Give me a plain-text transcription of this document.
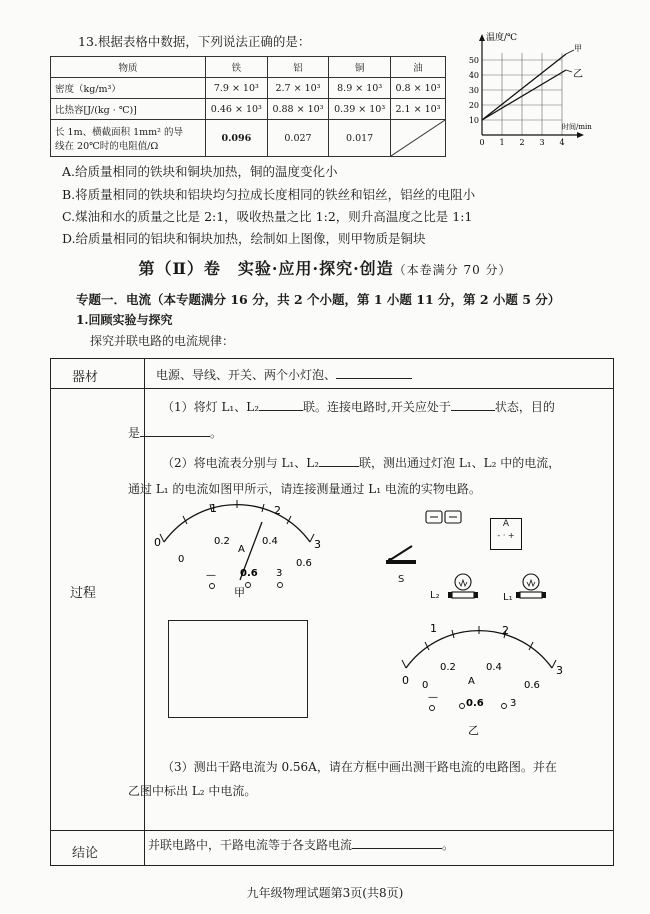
13.根据表格中数据，下列说法正确的是：
物质	铁	铝	铜	油
密度（kg/m³）	7.9 × 10³	2.7 × 10³	8.9 × 10³	0.8 × 10³
比热容[J/(kg · ℃)]	0.46 × 10³	0.88 × 10³	0.39 × 10³	2.1 × 10³

长 1m、横截面积 1mm² 的导
线在 20℃时的电阻值/Ω	0.096	0.027	0.017	
甲
乙
温度/℃
时间/min
10
20
30
40
50
0 1 2 3 4
A.给质量相同的铁块和铜块加热，铜的温度变化小
B.将质量相同的铁块和铝块均匀拉成长度相同的铁丝和铝丝，铝丝的电阻小
C.煤油和水的质量之比是 2:1，吸收热量之比 1:2，则升高温度之比是 1:1
D.给质量相同的铝块和铜块加热，绘制如上图像，则甲物质是铜块
第（Ⅱ）卷　实验·应用·探究·创造（本卷满分 70 分）
专题一．电流（本专题满分 16 分，共 2 个小题，第 1 小题 11 分，第 2 小题 5 分）
1.回顾实验与探究
探究并联电路的电流规律：
器材	电源、导线、开关、两个小灯泡、
过程
（1）将灯 L₁、L₂	联。连接电路时,开关应处于	状态，目的
是	。
（2）将电流表分别与 L₁、L₂	联，测出通过灯泡 L₁、L₂ 中的电流，
通过 L₁ 的电流如图甲所示，请连接测量通过 L₁ 电流的实物电路。
0
1	2
3
0
0.2	0.4
0.6
A
— 0.6 3
甲
A
- · +
S
L₂	L₁
0
1	2
3
0
0.2	0.4
0.6
A
—
0.6	3
乙
（3）测出干路电流为 0.56A，请在方框中画出测干路电流的电路图。并在
乙图中标出 L₂ 中电流。
结论
并联电路中，干路电流等于各支路电流	。
九年级物理试题第3页(共8页)
